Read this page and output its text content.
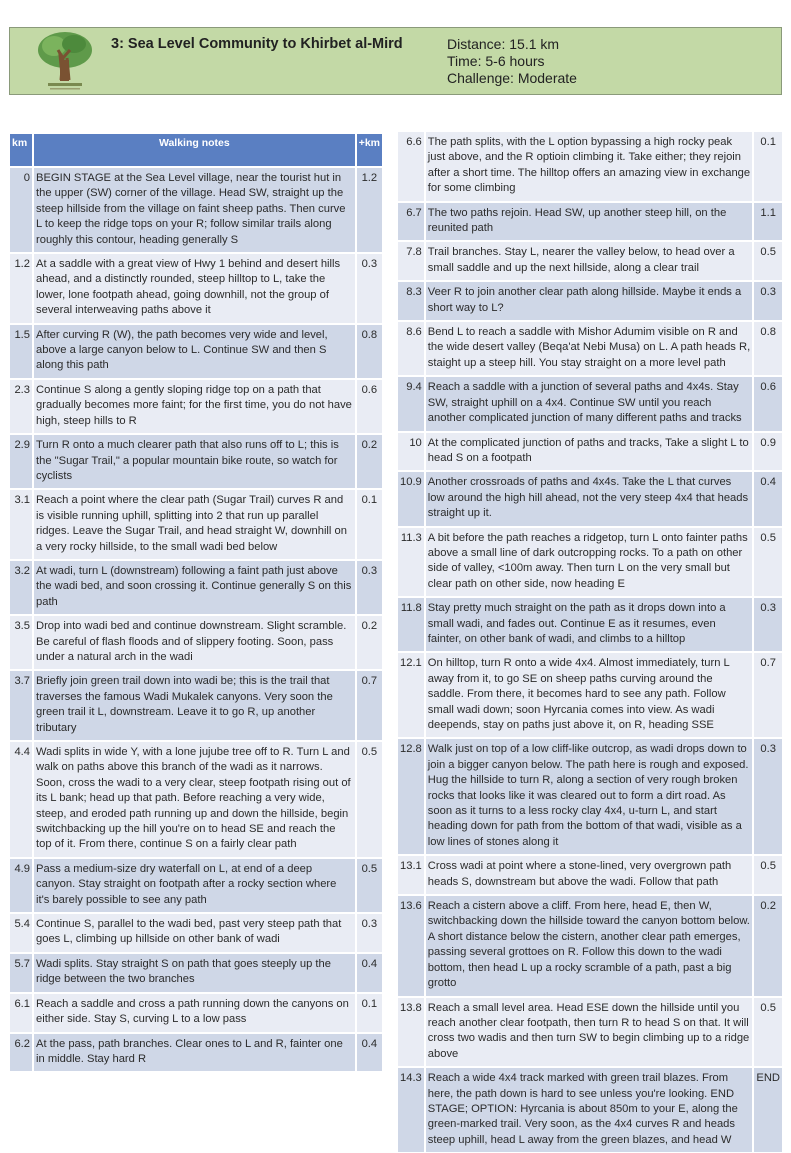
3: Sea Level Community to Khirbet al-Mird	Distance: 15.1 km
Time: 5-6 hours
Challenge: Moderate
km	Walking notes	+km
0	BEGIN STAGE at the Sea Level village, near the tourist hut in the upper (SW) corner of the village. Head SW, straight up the steep hillside from the village on faint sheep paths. Then curve L to keep the ridge tops on your R; follow similar trails along roughly this contour, heading generally S	1.2
1.2	At a saddle with a great view of Hwy 1 behind and desert hills ahead, and a distinctly rounded, steep hilltop to L, take the lower, lone footpath ahead, going downhill, not the group of several interweaving paths above it	0.3
1.5	After curving R (W), the path becomes very wide and level, above a large canyon below to L. Continue SW and then S along this path	0.8
2.3	Continue S along a gently sloping ridge top on a path that gradually becomes more faint; for the first time, you do not have high, steep hills to R	0.6
2.9	Turn R onto a much clearer path that also runs off to L; this is the "Sugar Trail," a popular mountain bike route, so watch for cyclists	0.2
3.1	Reach a point where the clear path (Sugar Trail) curves R and is visible running uphill, splitting into 2 that run up parallel ridges. Leave the Sugar Trail, and head straight W, downhill on a very rocky hillside, to the small wadi bed below	0.1
3.2	At wadi, turn L (downstream) following a faint path just above the wadi bed, and soon crossing it. Continue generally S on this path	0.3
3.5	Drop into wadi bed and continue downstream. Slight scramble. Be careful of flash floods and of slippery footing. Soon, pass under a natural arch in the wadi	0.2
3.7	Briefly join green trail down into wadi be; this is the trail that traverses the famous Wadi Mukalek canyons. Very soon the green trail it L, downstream. Leave it to go R, up another tributary	0.7
4.4	Wadi splits in wide Y, with a lone jujube tree off to R. Turn L and walk on paths above this branch of the wadi as it narrows. Soon, cross the wadi to a very clear, steep footpath rising out of its L bank; head up that path. Before reaching a very wide, steep, and eroded path running up and down the hillside, begin switchbacking up the hill you're on to head SE and reach the top of it. From there, continue S on a fairly clear path	0.5
4.9	Pass a medium-size dry waterfall on L, at end of a deep canyon. Stay straight on footpath after a rocky section where it's barely possible to see any path	0.5
5.4	Continue S, parallel to the wadi bed, past very steep path that goes L, climbing up hillside on other bank of wadi	0.3
5.7	Wadi splits. Stay straight S on path that goes steeply up the ridge between the two branches	0.4
6.1	Reach a saddle and cross a path running down the canyons on either side. Stay S, curving L to a low pass	0.1
6.2	At the pass, path branches. Clear ones to L and R, fainter one in middle. Stay hard R	0.4
6.6	The path splits, with the L option bypassing a high rocky peak just above, and the R optioin climbing it. Take either; they rejoin after a short time. The hilltop offers an amazing view in exchange for some climbing	0.1
6.7	The two paths rejoin. Head SW, up another steep hill, on the reunited path	1.1
7.8	Trail branches. Stay L, nearer the valley below, to head over a small saddle and up the next hillside, along a clear trail	0.5
8.3	Veer R to join another clear path along hillside. Maybe it ends a short way to L?	0.3
8.6	Bend L to reach a saddle with Mishor Adumim visible on R and the wide desert valley (Beqa'at Nebi Musa) on L. A path heads R, staight up a steep hill. You stay straight on a more level path	0.8
9.4	Reach a saddle with a junction of several paths and 4x4s. Stay SW, straight uphill on a 4x4. Continue SW until you reach another complicated junction of many different paths and tracks	0.6
10	At the complicated junction of paths and tracks, Take a slight L to head S on a footpath	0.9
10.9	Another crossroads of paths and 4x4s. Take the L that curves low around the high hill ahead, not the very steep 4x4 that heads straight up it.	0.4
11.3	A bit before the path reaches a ridgetop, turn L onto fainter paths above a small line of dark outcropping rocks. To a path on other side of valley, <100m away. Then turn L on the very small but clear path on other side, now heading E	0.5
11.8	Stay pretty much straight on the path as it drops down into a small wadi, and fades out. Continue E as it resumes, even fainter, on other bank of wadi, and climbs to a hilltop	0.3
12.1	On hilltop, turn R onto a wide 4x4. Almost immediately, turn L away from it, to go SE on sheep paths curving around the saddle. From there, it becomes hard to see any path. Follow small wadi down; soon Hyrcania comes into view. As wadi deepends, stay on paths just above it, on R, heading SSE	0.7
12.8	Walk just on top of a low cliff-like outcrop, as wadi drops down to join a bigger canyon below. The path here is rough and exposed. Hug the hillside to turn R, along a section of very rough broken rocks that looks like it was cleared out to form a dirt road. As soon as it turns to a less rocky clay 4x4, u-turn L, and start heading down for path from the bottom of that wadi, visible as a low lines of stones along it	0.3
13.1	Cross wadi at point where a stone-lined, very overgrown path heads S, downstream but above the wadi. Follow that path	0.5
13.6	Reach a cistern above a cliff. From here, head E, then W, switchbacking down the hillside toward the canyon bottom below. A short distance below the cistern, another clear path emerges, passing several grottoes on R. Follow this down to the wadi bottom, then head L up a rocky scramble of a path, past a big grotto	0.2
13.8	Reach a small level area. Head ESE down the hillside until you reach another clear footpath, then turn R to head S on that. It will cross two wadis and then turn SW to begin climbing up to a ridge above	0.5
14.3	Reach a wide 4x4 track marked with green trail blazes. From here, the path down is hard to see unless you're looking. END STAGE; OPTION: Hyrcania is about 850m to your E, along the green-marked trail. Very soon, as the 4x4 curves R and heads steep uphill, head L away from the green blazes, and head W	END
